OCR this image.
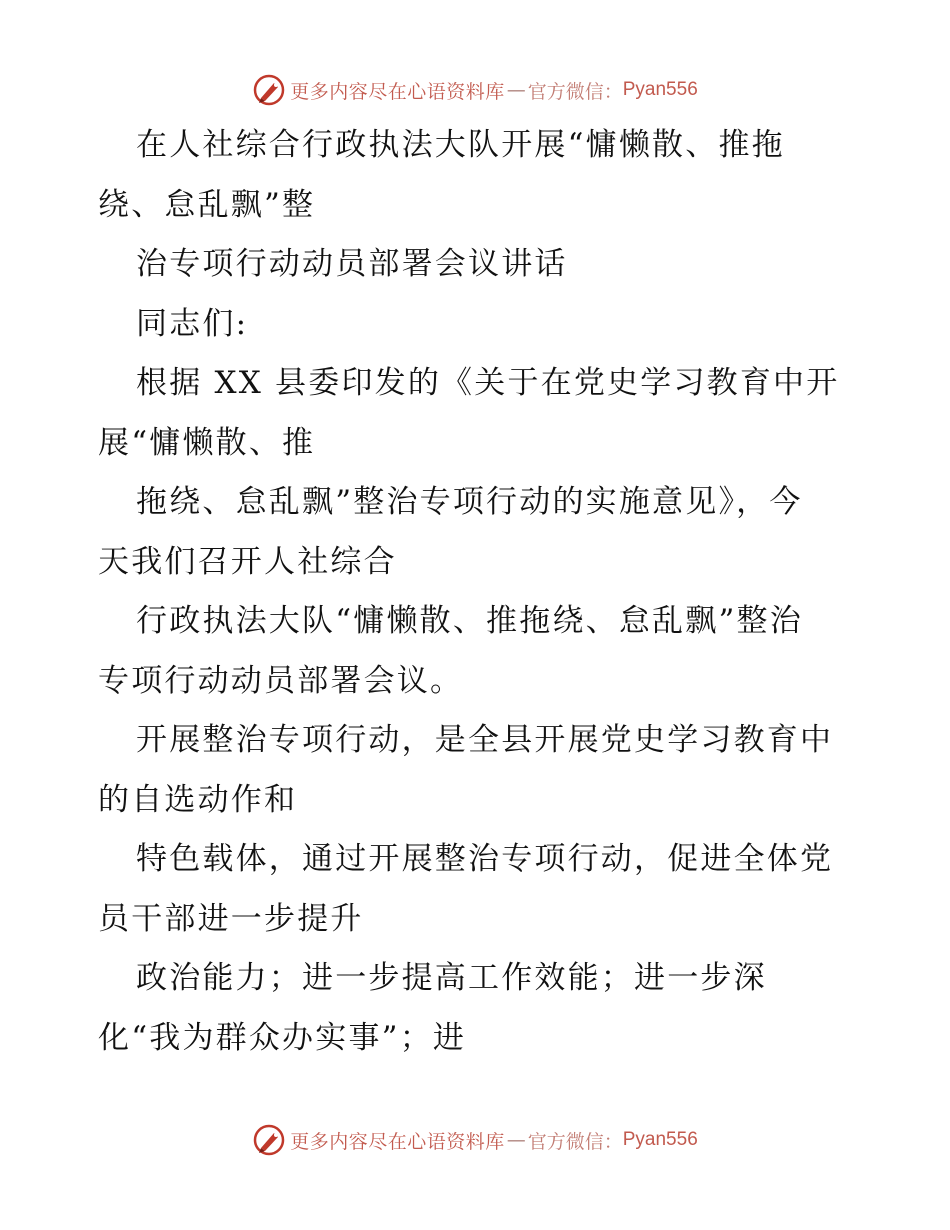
更多内容尽在心语资料库 — 官方微信： Pyan556
在人社综合行政执法大队开展“慵懒散、推拖
绕、怠乱飘”整
治专项行动动员部署会议讲话
同志们:
根据 XX 县委印发的《关于在党史学习教育中开
展“慵懒散、推
拖绕、怠乱飘”整治专项行动的实施意见》，今
天我们召开人社综合
行政执法大队“慵懒散、推拖绕、怠乱飘”整治
专项行动动员部署会议。
开展整治专项行动，是全县开展党史学习教育中
的自选动作和
特色载体，通过开展整治专项行动，促进全体党
员干部进一步提升
政治能力；进一步提高工作效能；进一步深
化“我为群众办实事”；进
更多内容尽在心语资料库 — 官方微信： Pyan556
